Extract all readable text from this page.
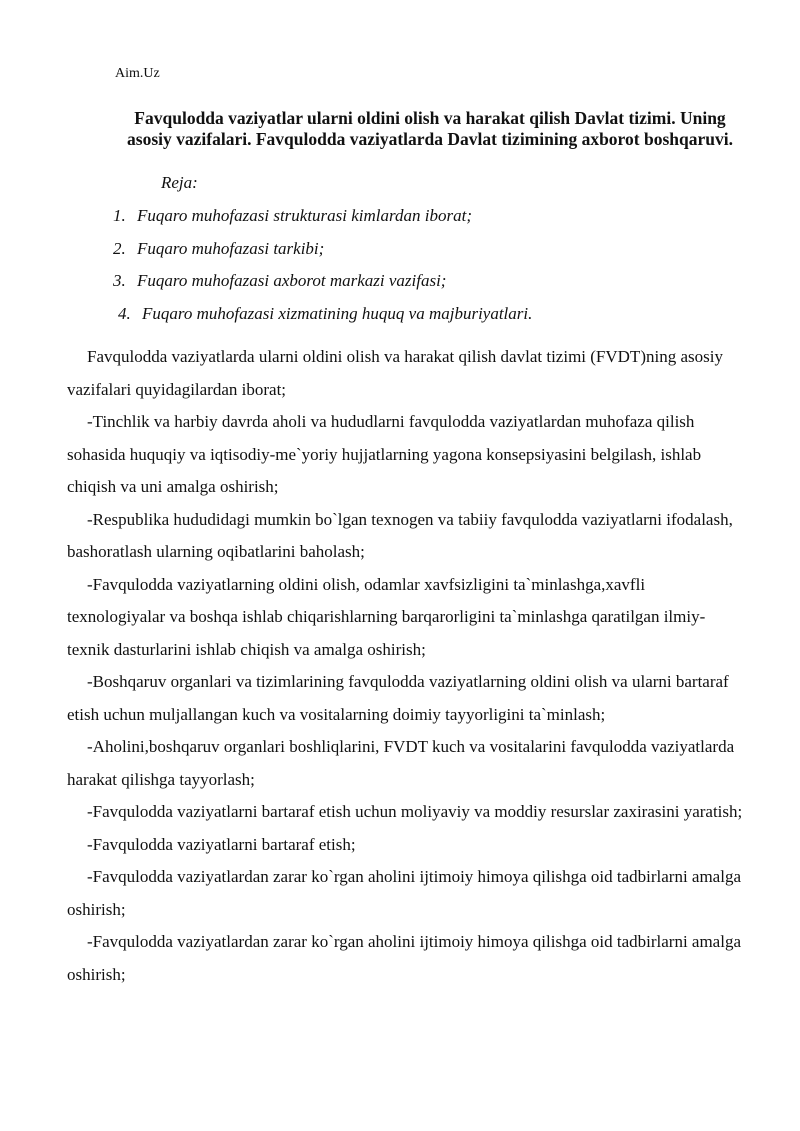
Aim.Uz
Favqulodda vaziyatlar ularni oldini olish va harakat qilish Davlat tizimi. Uning asosiy vazifalari. Favqulodda vaziyatlarda Davlat tizimining axborot boshqaruvi.

Reja:

1. Fuqaro muhofazasi strukturasi kimlardan iborat;
2. Fuqaro muhofazasi tarkibi;
3. Fuqaro muhofazasi axborot markazi vazifasi;
4. Fuqaro muhofazasi xizmatining huquq va majburiyatlari.

Favqulodda vaziyatlarda ularni oldini olish va harakat qilish davlat tizimi (FVDT)ning asosiy vazifalari quyidagilardan iborat;

-Tinchlik va harbiy davrda aholi va hududlarni favqulodda vaziyatlardan muhofaza qilish sohasida huquqiy va iqtisodiy-me`yoriy hujjatlarning yagona konsepsiyasini belgilash, ishlab chiqish va uni amalga oshirish;

-Respublika hududidagi mumkin bo`lgan texnogen va tabiiy favqulodda vaziyatlarni ifodalash, bashoratlash ularning oqibatlarini baholash;

-Favqulodda vaziyatlarning oldini olish, odamlar xavfsizligini ta`minlashga,xavfli texnologiyalar va boshqa ishlab chiqarishlarning barqarorligini ta`minlashga qaratilgan ilmiy-texnik dasturlarini ishlab chiqish va amalga oshirish;

-Boshqaruv organlari va tizimlarining favqulodda vaziyatlarning oldini olish va ularni bartaraf etish uchun muljallangan kuch va vositalarning doimiy tayyorligini ta`minlash;

-Aholini,boshqaruv organlari boshliqlarini, FVDT kuch va vositalarini favqulodda vaziyatlarda harakat qilishga tayyorlash;

-Favqulodda vaziyatlarni bartaraf etish uchun moliyaviy va moddiy resurslar zaxirasini yaratish;

-Favqulodda vaziyatlarni bartaraf etish;

-Favqulodda vaziyatlardan zarar ko`rgan aholini ijtimoiy himoya qilishga oid tadbirlarni amalga oshirish;

-Favqulodda vaziyatlardan zarar ko`rgan aholini ijtimoiy himoya qilishga oid tadbirlarni amalga oshirish;
